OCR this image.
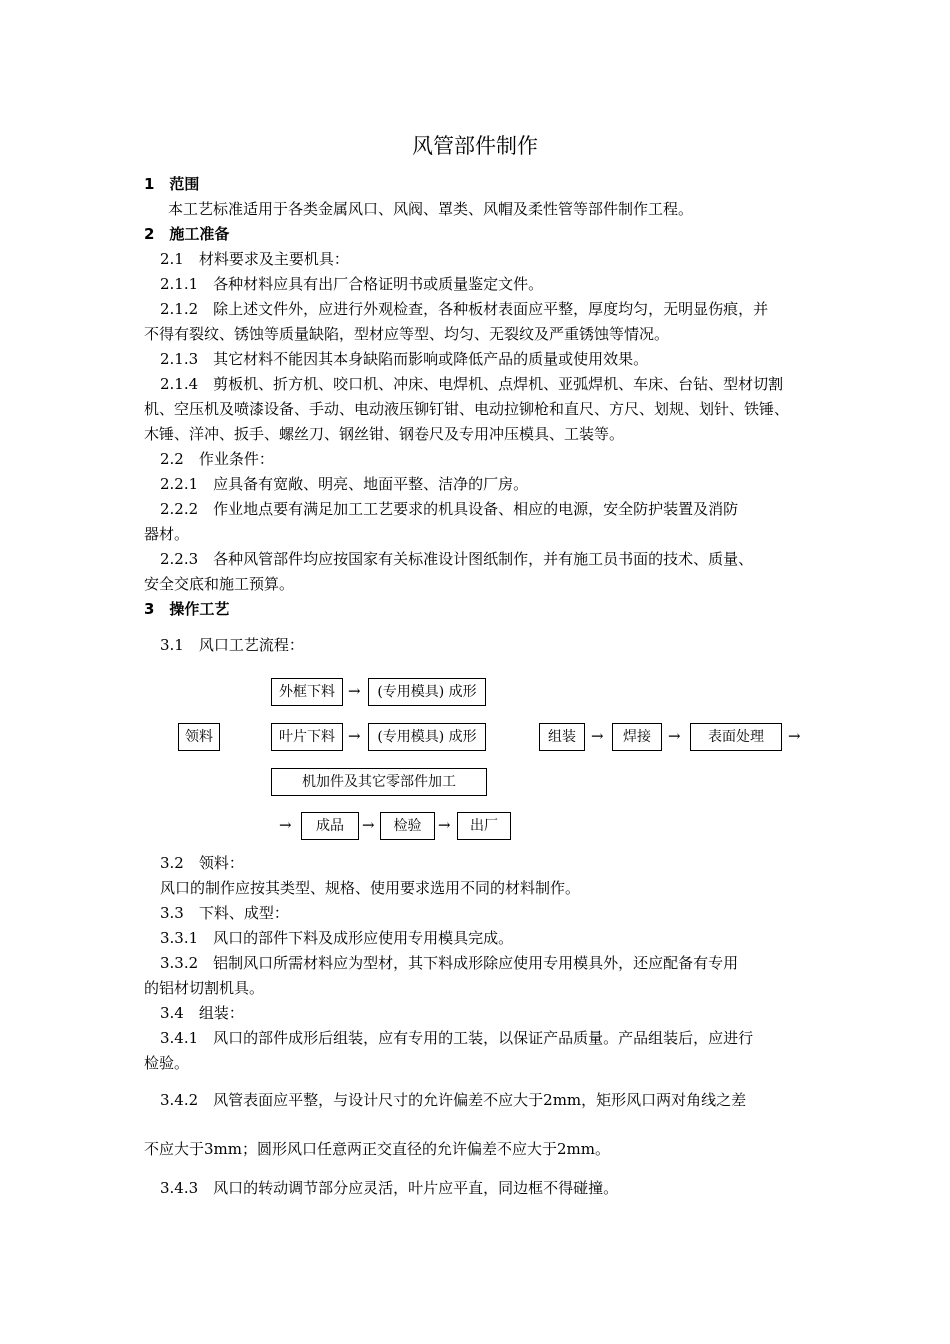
风管部件制作
1　范围
本工艺标准适用于各类金属风口、风阀、罩类、风帽及柔性管等部件制作工程。
2　施工准备
2.1　材料要求及主要机具：
2.1.1　各种材料应具有出厂合格证明书或质量鉴定文件。
2.1.2　除上述文件外，应进行外观检查，各种板材表面应平整，厚度均匀，无明显伤痕，并
不得有裂纹、锈蚀等质量缺陷，型材应等型、均匀、无裂纹及严重锈蚀等情况。
2.1.3　其它材料不能因其本身缺陷而影响或降低产品的质量或使用效果。
2.1.4　剪板机、折方机、咬口机、冲床、电焊机、点焊机、亚弧焊机、车床、台钻、型材切割
机、空压机及喷漆设备、手动、电动液压铆钉钳、电动拉铆枪和直尺、方尺、划规、划针、铁锤、
木锤、洋冲、扳手、螺丝刀、钢丝钳、钢卷尺及专用冲压模具、工装等。
2.2　作业条件：
2.2.1　应具备有宽敞、明亮、地面平整、洁净的厂房。
2.2.2　作业地点要有满足加工工艺要求的机具设备、相应的电源，安全防护装置及消防
器材。
2.2.3　各种风管部件均应按国家有关标准设计图纸制作，并有施工员书面的技术、质量、
安全交底和施工预算。
3　操作工艺
3.1　风口工艺流程：
领料
外框下料 →	(专用模具) 成形
叶片下料 →	(专用模具) 成形
机加件及其它零部件加工
组装	→	焊接	→	表面处理	→
→	成品	→	检验	→	出厂
3.2　领料：
风口的制作应按其类型、规格、使用要求选用不同的材料制作。
3.3　下料、成型：
3.3.1　风口的部件下料及成形应使用专用模具完成。
3.3.2　铝制风口所需材料应为型材，其下料成形除应使用专用模具外，还应配备有专用
的铝材切割机具。
3.4　组装：
3.4.1　风口的部件成形后组装，应有专用的工装，以保证产品质量。产品组装后，应进行
检验。
3.4.2　风管表面应平整，与设计尺寸的允许偏差不应大于2mm，矩形风口两对角线之差
不应大于3mm；圆形风口任意两正交直径的允许偏差不应大于2mm。
3.4.3　风口的转动调节部分应灵活，叶片应平直，同边框不得碰撞。
